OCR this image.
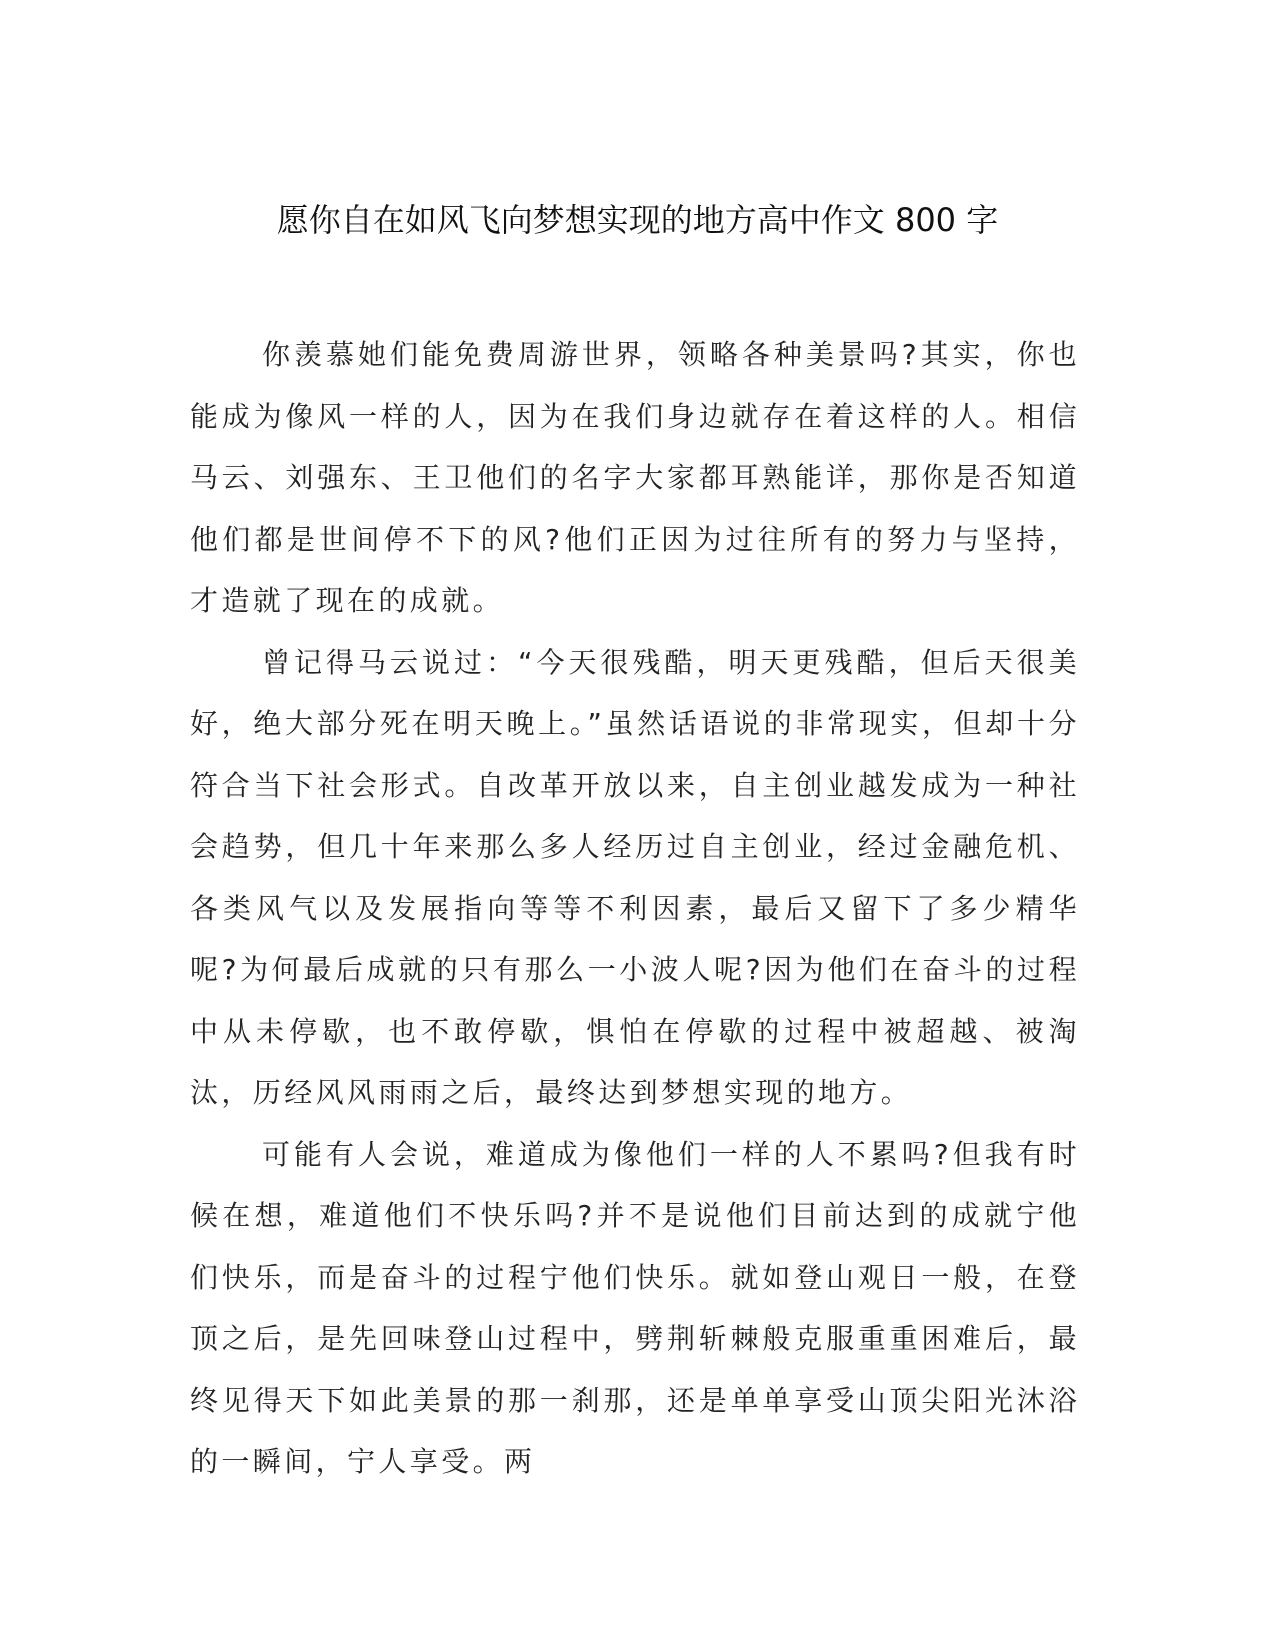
愿你自在如风飞向梦想实现的地方高中作文 800 字

你羡慕她们能免费周游世界，领略各种美景吗?其实，你也能成为像风一样的人，因为在我们身边就存在着这样的人。相信马云、刘强东、王卫他们的名字大家都耳熟能详，那你是否知道他们都是世间停不下的风?他们正因为过往所有的努力与坚持，才造就了现在的成就。

曾记得马云说过：“今天很残酷，明天更残酷，但后天很美好，绝大部分死在明天晚上。”虽然话语说的非常现实，但却十分符合当下社会形式。自改革开放以来，自主创业越发成为一种社会趋势，但几十年来那么多人经历过自主创业，经过金融危机、各类风气以及发展指向等等不利因素，最后又留下了多少精华呢?为何最后成就的只有那么一小波人呢?因为他们在奋斗的过程中从未停歇，也不敢停歇，惧怕在停歇的过程中被超越、被淘汰，历经风风雨雨之后，最终达到梦想实现的地方。

可能有人会说，难道成为像他们一样的人不累吗?但我有时候在想，难道他们不快乐吗?并不是说他们目前达到的成就宁他们快乐，而是奋斗的过程宁他们快乐。就如登山观日一般，在登顶之后，是先回味登山过程中，劈荆斩棘般克服重重困难后，最终见得天下如此美景的那一刹那，还是单单享受山顶尖阳光沐浴的一瞬间，宁人享受。两
